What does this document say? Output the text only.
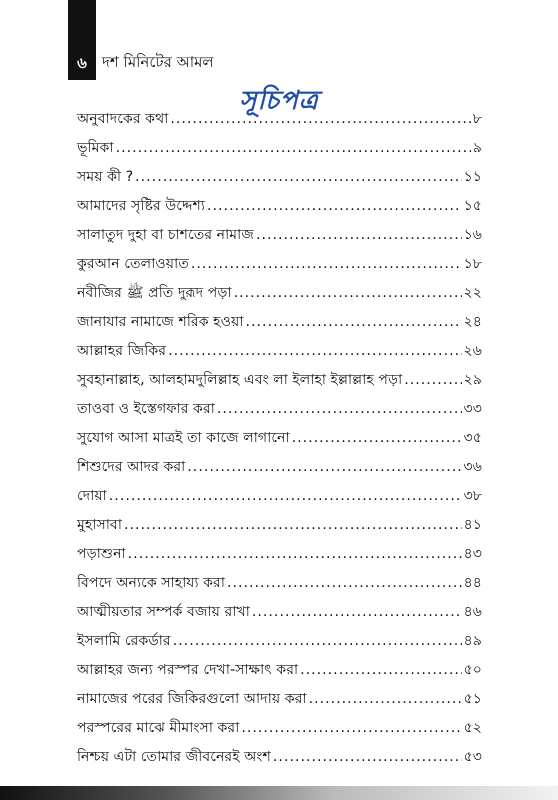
৬	দশ মিনিটের আমল
সূচিপত্র
অনুবাদকের কথা .....	৮
ভূমিকা .....	৯
সময় কী ? .....	১১
আমাদের সৃষ্টির উদ্দেশ্য .....	১৫
সালাতুদ দুহা বা চাশতের নামাজ .....	১৬
কুরআন তেলাওয়াত .....	১৮
নবীজির ﷺ প্রতি দুরূদ পড়া .....	২২
জানাযার নামাজে শরিক হওয়া .....	২৪
আল্লাহর জিকির .....	২৬
সুবহানাল্লাহ, আলহামদুলিল্লাহ এবং লা ইলাহা ইল্লাল্লাহ পড়া .....	২৯
তাওবা ও ইস্তেগফার করা .....	৩৩
সুযোগ আসা মাত্রই তা কাজে লাগানো .....	৩৫
শিশুদের আদর করা .....	৩৬
দোয়া .....	৩৮
মুহাসাবা .....	৪১
পড়াশুনা .....	৪৩
বিপদে অন্যকে সাহায্য করা .....	৪৪
আত্মীয়তার সম্পর্ক বজায় রাখা .....	৪৬
ইসলামি রেকর্ডার .....	৪৯
আল্লাহর জন্য পরস্পর দেখা-সাক্ষাৎ করা .....	৫০
নামাজের পরের জিকিরগুলো আদায় করা .....	৫১
পরস্পরের মাঝে মীমাংসা করা .....	৫২
নিশ্চয় এটা তোমার জীবনেরই অংশ .....	৫৩
